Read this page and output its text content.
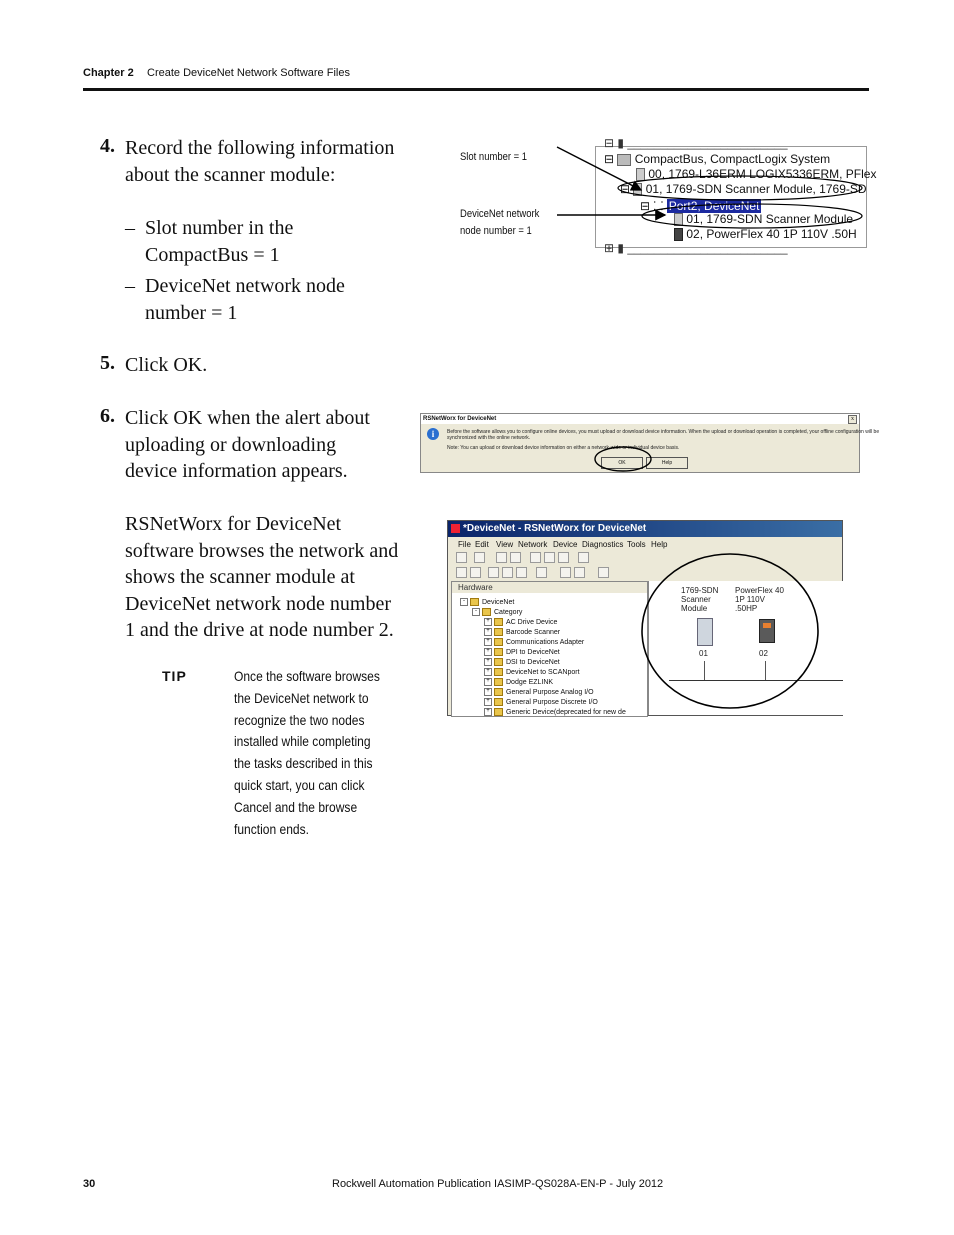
Chapter 2 Create DeviceNet Network Software Files
4. Record the following information
about the scanner module:
– Slot number in the
CompactBus = 1
– DeviceNet network node
number = 1
5. Click OK.
6. Click OK when the alert about
uploading or downloading
device information appears.
RSNetWorx for DeviceNet
software browses the network and
shows the scanner module at
DeviceNet network node number
1 and the drive at node number 2.
TIP	Once the software browses
the DeviceNet network to
recognize the two nodes
installed while completing
the tasks described in this
quick start, you can click
Cancel and the browse
function ends.
Slot number = 1
DeviceNet network
node number = 1
⊟ ▮ ________________________
⊟ CompactBus, CompactLogix System
00, 1769-L36ERM LOGIX5336ERM, PFlex
⊟ 01, 1769-SDN Scanner Module, 1769-SD
⊟ ⸬ Port2, DeviceNet
01, 1769-SDN Scanner Module
02, PowerFlex 40 1P 110V .50H
⊞ ▮ ________________________
RSNetWorx for DeviceNet	x
i	Before the software allows you to configure online devices, you must upload or download device information. When the upload or download operation is completed, your offline configuration will be
synchronized with the online network.
Note: You can upload or download device information on either a network-wide or individual device basis.
OK	Help
*DeviceNet - RSNetWorx for DeviceNet
File Edit View Network Device Diagnostics Tools Help
Hardware
- DeviceNet
- Category
+ AC Drive Device
+ Barcode Scanner
+ Communications Adapter
+ DPI to DeviceNet
+ DSI to DeviceNet
+ DeviceNet to SCANport
+ Dodge EZLINK
+ General Purpose Analog I/O
+ General Purpose Discrete I/O
+ Generic Device(deprecated for new de
1769-SDN
Scanner
Module
PowerFlex 40
1P 110V
.50HP
01	02
30	Rockwell Automation Publication IASIMP-QS028A-EN-P - July 2012
